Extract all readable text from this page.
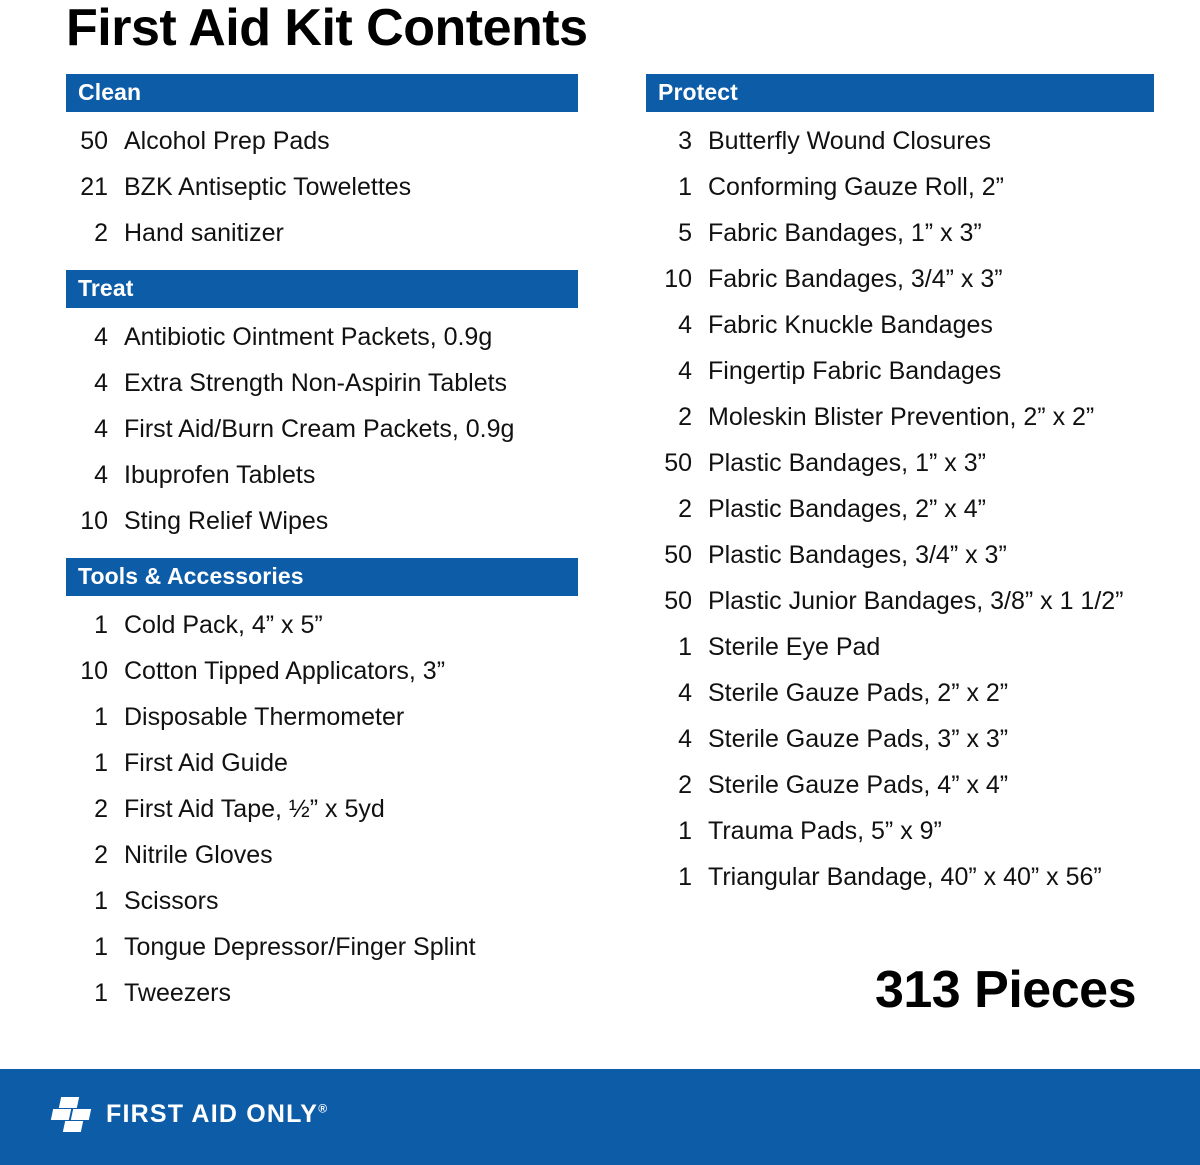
First Aid Kit Contents
Clean
50 Alcohol Prep Pads
21 BZK Antiseptic Towelettes
2 Hand sanitizer
Treat
4 Antibiotic Ointment Packets, 0.9g
4 Extra Strength Non-Aspirin Tablets
4 First Aid/Burn Cream Packets, 0.9g
4 Ibuprofen Tablets
10 Sting Relief Wipes
Tools & Accessories
1 Cold Pack, 4” x 5”
10 Cotton Tipped Applicators, 3”
1 Disposable Thermometer
1 First Aid Guide
2 First Aid Tape, ½” x 5yd
2 Nitrile Gloves
1 Scissors
1 Tongue Depressor/Finger Splint
1 Tweezers
Protect
3 Butterfly Wound Closures
1 Conforming Gauze Roll, 2”
5 Fabric Bandages, 1” x 3”
10 Fabric Bandages, 3/4” x 3”
4 Fabric Knuckle Bandages
4 Fingertip Fabric Bandages
2 Moleskin Blister Prevention, 2” x 2”
50 Plastic Bandages, 1” x 3”
2 Plastic Bandages, 2” x 4”
50 Plastic Bandages, 3/4” x 3”
50 Plastic Junior Bandages, 3/8” x 1 1/2”
1 Sterile Eye Pad
4 Sterile Gauze Pads, 2” x 2”
4 Sterile Gauze Pads, 3” x 3”
2 Sterile Gauze Pads, 4” x 4”
1 Trauma Pads, 5” x 9”
1 Triangular Bandage, 40” x 40” x 56”
313 Pieces
FIRST AID ONLY®
